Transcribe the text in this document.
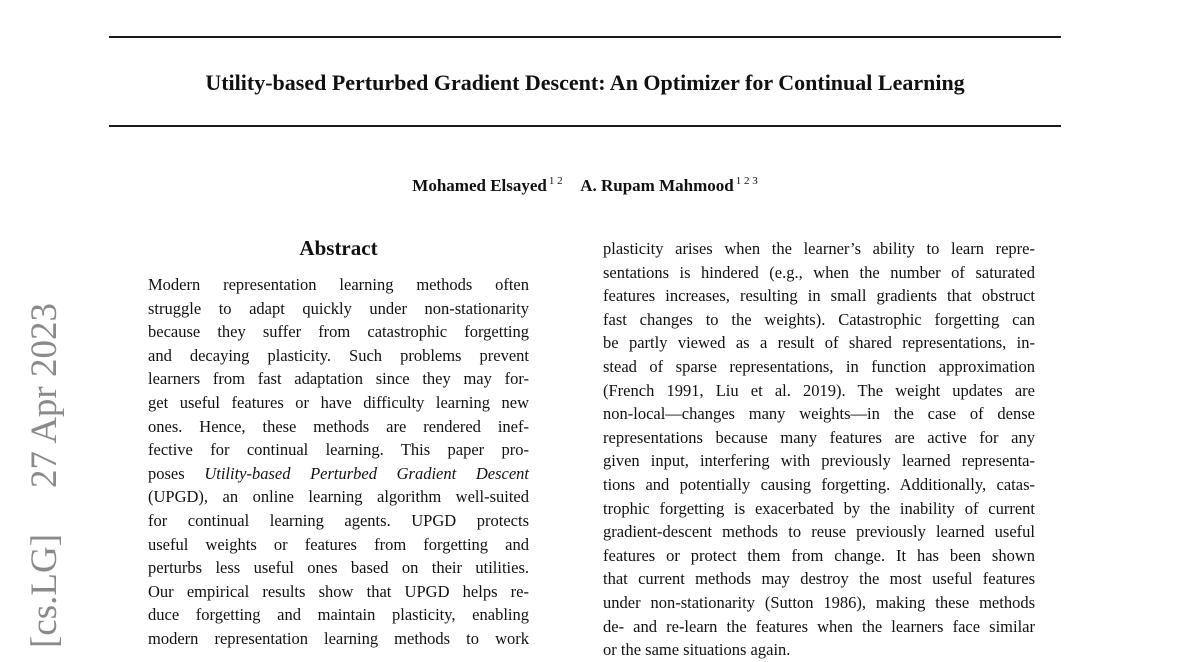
Utility-based Perturbed Gradient Descent: An Optimizer for Continual Learning
Mohamed Elsayed $^{1 2}$ A. Rupam Mahmood $^{1 2 3}$
[cs.LG]
27 Apr 2023
Abstract
Modern representation learning methods often
struggle to adapt quickly under non-stationarity
because they suffer from catastrophic forgetting
and decaying plasticity. Such problems prevent
learners from fast adaptation since they may for-
get useful features or have difficulty learning new
ones. Hence, these methods are rendered inef-
fective for continual learning. This paper pro-
poses Utility-based Perturbed Gradient Descent
(UPGD), an online learning algorithm well-suited
for continual learning agents. UPGD protects
useful weights or features from forgetting and
perturbs less useful ones based on their utilities.
Our empirical results show that UPGD helps re-
duce forgetting and maintain plasticity, enabling
modern representation learning methods to work
plasticity arises when the learner’s ability to learn repre-
sentations is hindered (e.g., when the number of saturated
features increases, resulting in small gradients that obstruct
fast changes to the weights). Catastrophic forgetting can
be partly viewed as a result of shared representations, in-
stead of sparse representations, in function approximation
(French 1991, Liu et al. 2019). The weight updates are
non-local—changes many weights—in the case of dense
representations because many features are active for any
given input, interfering with previously learned representa-
tions and potentially causing forgetting. Additionally, catas-
trophic forgetting is exacerbated by the inability of current
gradient-descent methods to reuse previously learned useful
features or protect them from change. It has been shown
that current methods may destroy the most useful features
under non-stationarity (Sutton 1986), making these methods
de- and re-learn the features when the learners face similar
or the same situations again.
